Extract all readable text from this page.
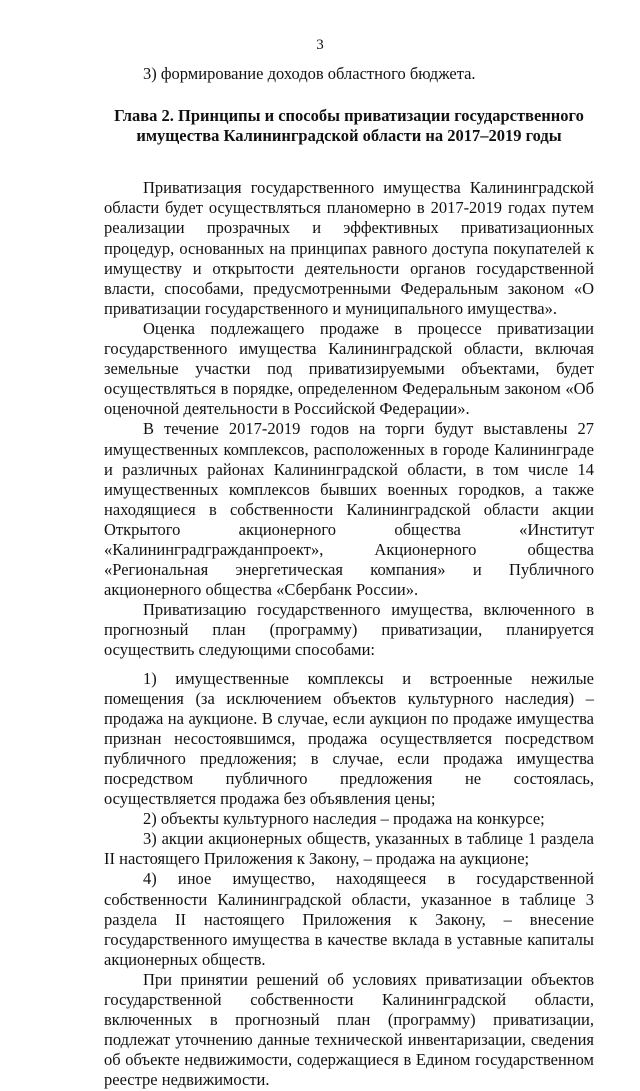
3

3) формирование доходов областного бюджета.

Глава 2. Принципы и способы приватизации государственного
имущества Калининградской области на 2017–2019 годы

Приватизация государственного имущества Калининградской области будет осуществляться планомерно в 2017-2019 годах путем реализации прозрачных и эффективных приватизационных процедур, основанных на принципах равного доступа покупателей к имуществу и открытости деятельности органов государственной власти, способами, предусмотренными Федеральным законом «О приватизации государственного и муниципального имущества».

Оценка подлежащего продаже в процессе приватизации государственного имущества Калининградской области, включая земельные участки под приватизируемыми объектами, будет осуществляться в порядке, определенном Федеральным законом «Об оценочной деятельности в Российской Федерации».

В течение 2017-2019 годов на торги будут выставлены 27 имущественных комплексов, расположенных в городе Калининграде и различных районах Калининградской области, в том числе 14 имущественных комплексов бывших военных городков, а также находящиеся в собственности Калининградской области акции Открытого акционерного общества «Институт «Калининградгражданпроект», Акционерного общества «Региональная энергетическая компания» и Публичного акционерного общества «Сбербанк России».

Приватизацию государственного имущества, включенного в прогнозный план (программу) приватизации, планируется осуществить следующими способами:

1) имущественные комплексы и встроенные нежилые помещения (за исключением объектов культурного наследия) – продажа на аукционе. В случае, если аукцион по продаже имущества признан несостоявшимся, продажа осуществляется посредством публичного предложения; в случае, если продажа имущества посредством публичного предложения не состоялась, осуществляется продажа без объявления цены;

2) объекты культурного наследия – продажа на конкурсе;

3) акции акционерных обществ, указанных в таблице 1 раздела II настоящего Приложения к Закону, – продажа на аукционе;

4) иное имущество, находящееся в государственной собственности Калининградской области, указанное в таблице 3 раздела II настоящего Приложения к Закону, – внесение государственного имущества в качестве вклада в уставные капиталы акционерных обществ.

При принятии решений об условиях приватизации объектов государственной собственности Калининградской области, включенных в прогнозный план (программу) приватизации, подлежат уточнению данные технической инвентаризации, сведения об объекте недвижимости, содержащиеся в Едином государственном реестре недвижимости.
